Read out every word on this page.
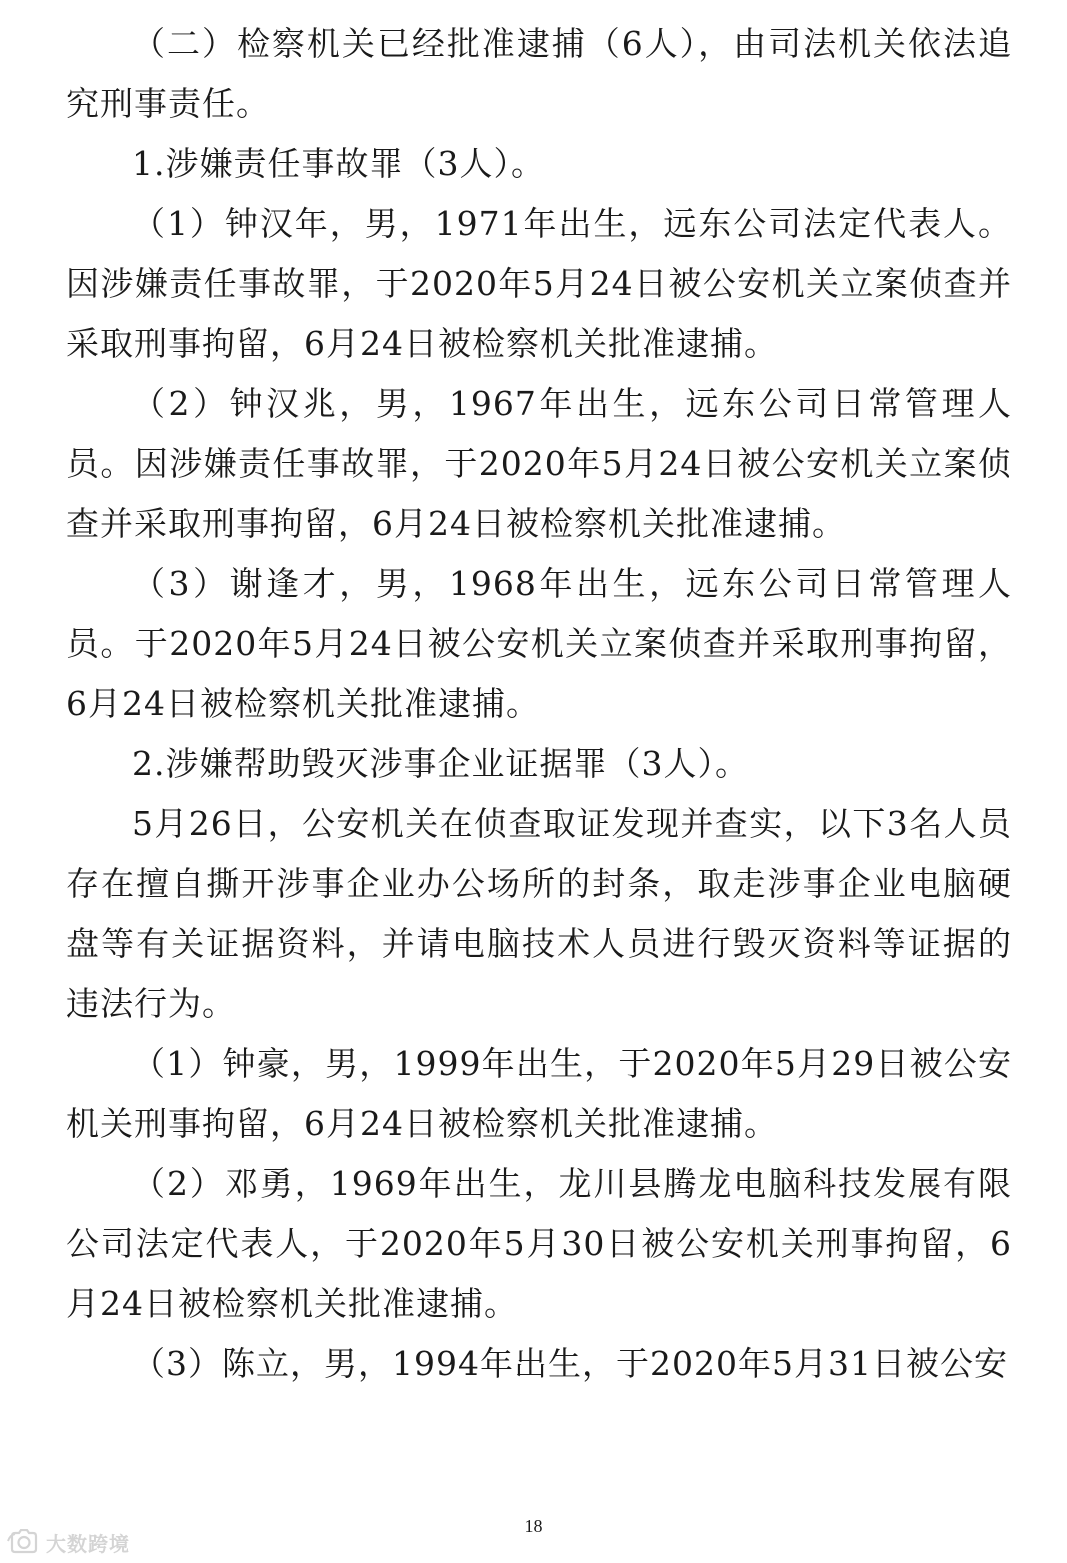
（二）检察机关已经批准逮捕（6人），由司法机关依法追究刑事责任。

1.涉嫌责任事故罪（3人）。

（1）钟汉年，男，1971年出生，远东公司法定代表人。因涉嫌责任事故罪，于2020年5月24日被公安机关立案侦查并采取刑事拘留，6月24日被检察机关批准逮捕。

（2）钟汉兆，男，1967年出生，远东公司日常管理人员。因涉嫌责任事故罪，于2020年5月24日被公安机关立案侦查并采取刑事拘留，6月24日被检察机关批准逮捕。

（3）谢逢才，男，1968年出生，远东公司日常管理人员。于2020年5月24日被公安机关立案侦查并采取刑事拘留，6月24日被检察机关批准逮捕。

2.涉嫌帮助毁灭涉事企业证据罪（3人）。

5月26日，公安机关在侦查取证发现并查实，以下3名人员存在擅自撕开涉事企业办公场所的封条，取走涉事企业电脑硬盘等有关证据资料，并请电脑技术人员进行毁灭资料等证据的违法行为。

（1）钟豪，男，1999年出生，于2020年5月29日被公安机关刑事拘留，6月24日被检察机关批准逮捕。

（2）邓勇，1969年出生，龙川县腾龙电脑科技发展有限公司法定代表人，于2020年5月30日被公安机关刑事拘留，6月24日被检察机关批准逮捕。

（3）陈立，男，1994年出生，于2020年5月31日被公安

18
大数跨境
